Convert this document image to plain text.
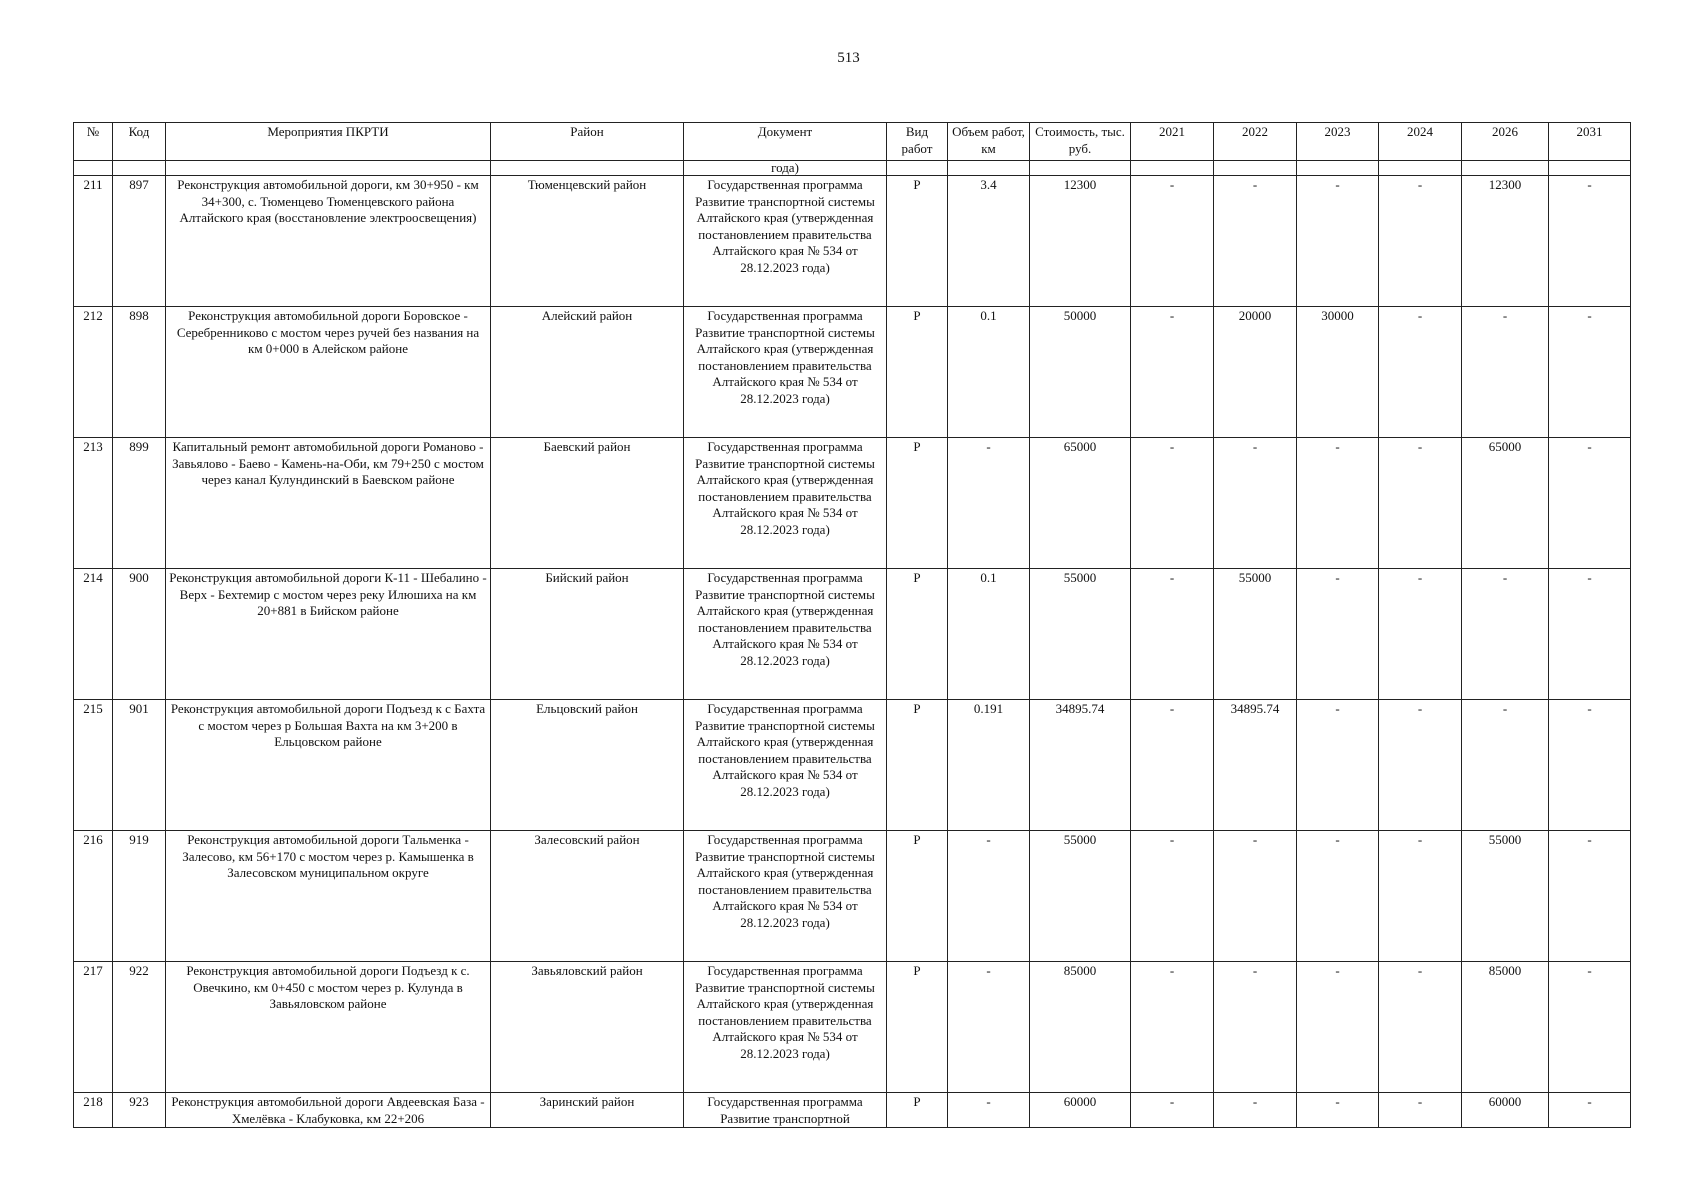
513
№	Код	Мероприятия ПКРТИ	Район	Документ	Вид работ	Объем работ, км	Стоимость, тыс. руб.	2021	2022	2023	2024	2026	2031
				года)									
211	897	Реконструкция автомобильной дороги, км 30+950 - км 34+300, с. Тюменцево Тюменцевского района Алтайского края (восстановление электроосвещения)	Тюменцевский район	Государственная программа Развитие транспортной системы Алтайского края (утвержденная постановлением правительства Алтайского края № 534 от 28.12.2023 года)	Р	3.4	12300	-	-	-	-	12300	-
212	898	Реконструкция автомобильной дороги Боровское - Серебренниково с мостом через ручей без названия на км 0+000 в Алейском районе	Алейский район	Государственная программа Развитие транспортной системы Алтайского края (утвержденная постановлением правительства Алтайского края № 534 от 28.12.2023 года)	Р	0.1	50000	-	20000	30000	-	-	-
213	899	Капитальный ремонт автомобильной дороги Романово - Завьялово - Баево - Камень-на-Оби, км 79+250 с мостом через канал Кулундинский в Баевском районе	Баевский район	Государственная программа Развитие транспортной системы Алтайского края (утвержденная постановлением правительства Алтайского края № 534 от 28.12.2023 года)	Р	-	65000	-	-	-	-	65000	-
214	900	Реконструкция автомобильной дороги К-11 - Шебалино - Верх - Бехтемир с мостом через реку Илюшиха на км 20+881 в Бийском районе	Бийский район	Государственная программа Развитие транспортной системы Алтайского края (утвержденная постановлением правительства Алтайского края № 534 от 28.12.2023 года)	Р	0.1	55000	-	55000	-	-	-	-
215	901	Реконструкция автомобильной дороги Подъезд к с Бахта с мостом через р Большая Вахта на км 3+200 в Ельцовском районе	Ельцовский район	Государственная программа Развитие транспортной системы Алтайского края (утвержденная постановлением правительства Алтайского края № 534 от 28.12.2023 года)	Р	0.191	34895.74	-	34895.74	-	-	-	-
216	919	Реконструкция автомобильной дороги Тальменка - Залесово, км 56+170 с мостом через р. Камышенка в Залесовском муниципальном округе	Залесовский район	Государственная программа Развитие транспортной системы Алтайского края (утвержденная постановлением правительства Алтайского края № 534 от 28.12.2023 года)	Р	-	55000	-	-	-	-	55000	-
217	922	Реконструкция автомобильной дороги Подъезд к с. Овечкино, км 0+450 с мостом через р. Кулунда в Завьяловском районе	Завьяловский район	Государственная программа Развитие транспортной системы Алтайского края (утвержденная постановлением правительства Алтайского края № 534 от 28.12.2023 года)	Р	-	85000	-	-	-	-	85000	-
218	923	Реконструкция автомобильной дороги Авдеевская База - Хмелёвка - Клабуковка, км 22+206	Заринский район	Государственная программа Развитие транспортной	Р	-	60000	-	-	-	-	60000	-
